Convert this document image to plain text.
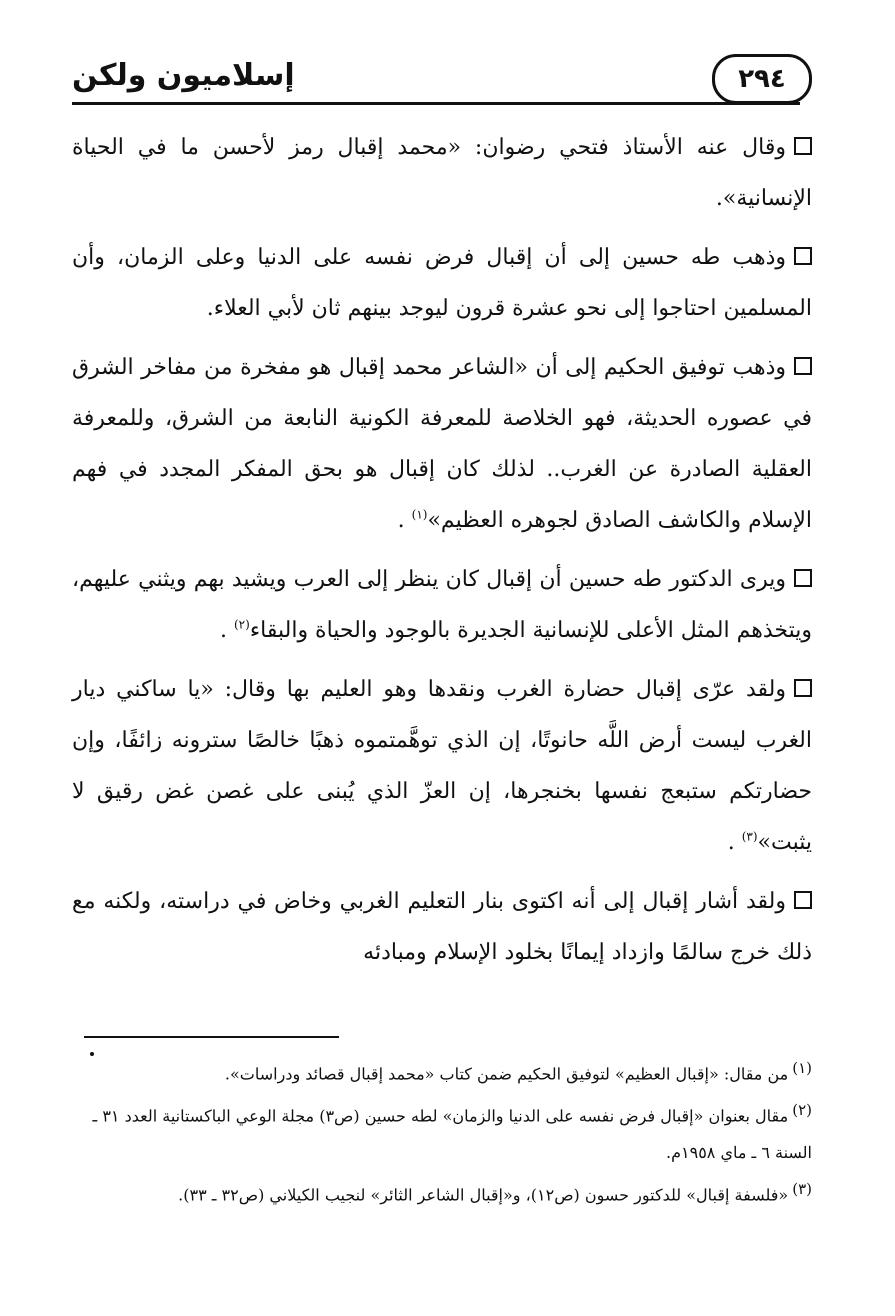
إسلاميون ولكن	٢٩٤

وقال عنه الأستاذ فتحي رضوان: «محمد إقبال رمز لأحسن ما في الحياة الإنسانية».

وذهب طه حسين إلى أن إقبال فرض نفسه على الدنيا وعلى الزمان، وأن المسلمين احتاجوا إلى نحو عشرة قرون ليوجد بينهم ثان لأبي العلاء.

وذهب توفيق الحكيم إلى أن «الشاعر محمد إقبال هو مفخرة من مفاخر الشرق في عصوره الحديثة، فهو الخلاصة للمعرفة الكونية النابعة من الشرق، وللمعرفة العقلية الصادرة عن الغرب.. لذلك كان إقبال هو بحق المفكر المجدد في فهم الإسلام والكاشف الصادق لجوهره العظيم»$^{(١)}$ .

ويرى الدكتور طه حسين أن إقبال كان ينظر إلى العرب ويشيد بهم ويثني عليهم، ويتخذهم المثل الأعلى للإنسانية الجديرة بالوجود والحياة والبقاء$^{(٢)}$ .

ولقد عرّى إقبال حضارة الغرب ونقدها وهو العليم بها وقال: «يا ساكني ديار الغرب ليست أرض اللَّه حانوتًا، إن الذي توهَّمتموه ذهبًا خالصًا سترونه زائفًا، وإن حضارتكم ستبعج نفسها بخنجرها، إن العزّ الذي يُبنى على غصن غض رقيق لا يثبت»$^{(٣)}$ .

ولقد أشار إقبال إلى أنه اكتوى بنار التعليم الغربي وخاض في دراسته، ولكنه مع ذلك خرج سالمًا وازداد إيمانًا بخلود الإسلام ومبادئه

(١)من مقال: «إقبال العظيم» لتوفيق الحكيم ضمن كتاب «محمد إقبال قصائد ودراسات».
(٢)مقال بعنوان «إقبال فرض نفسه على الدنيا والزمان» لطه حسين (ص٣) مجلة الوعي الباكستانية العدد ٣١ ـ السنة ٦ ـ ماي ١٩٥٨م.
(٣)«فلسفة إقبال» للدكتور حسون (ص١٢)، و«إقبال الشاعر الثائر» لنجيب الكيلاني (ص٣٢ ـ ٣٣).
